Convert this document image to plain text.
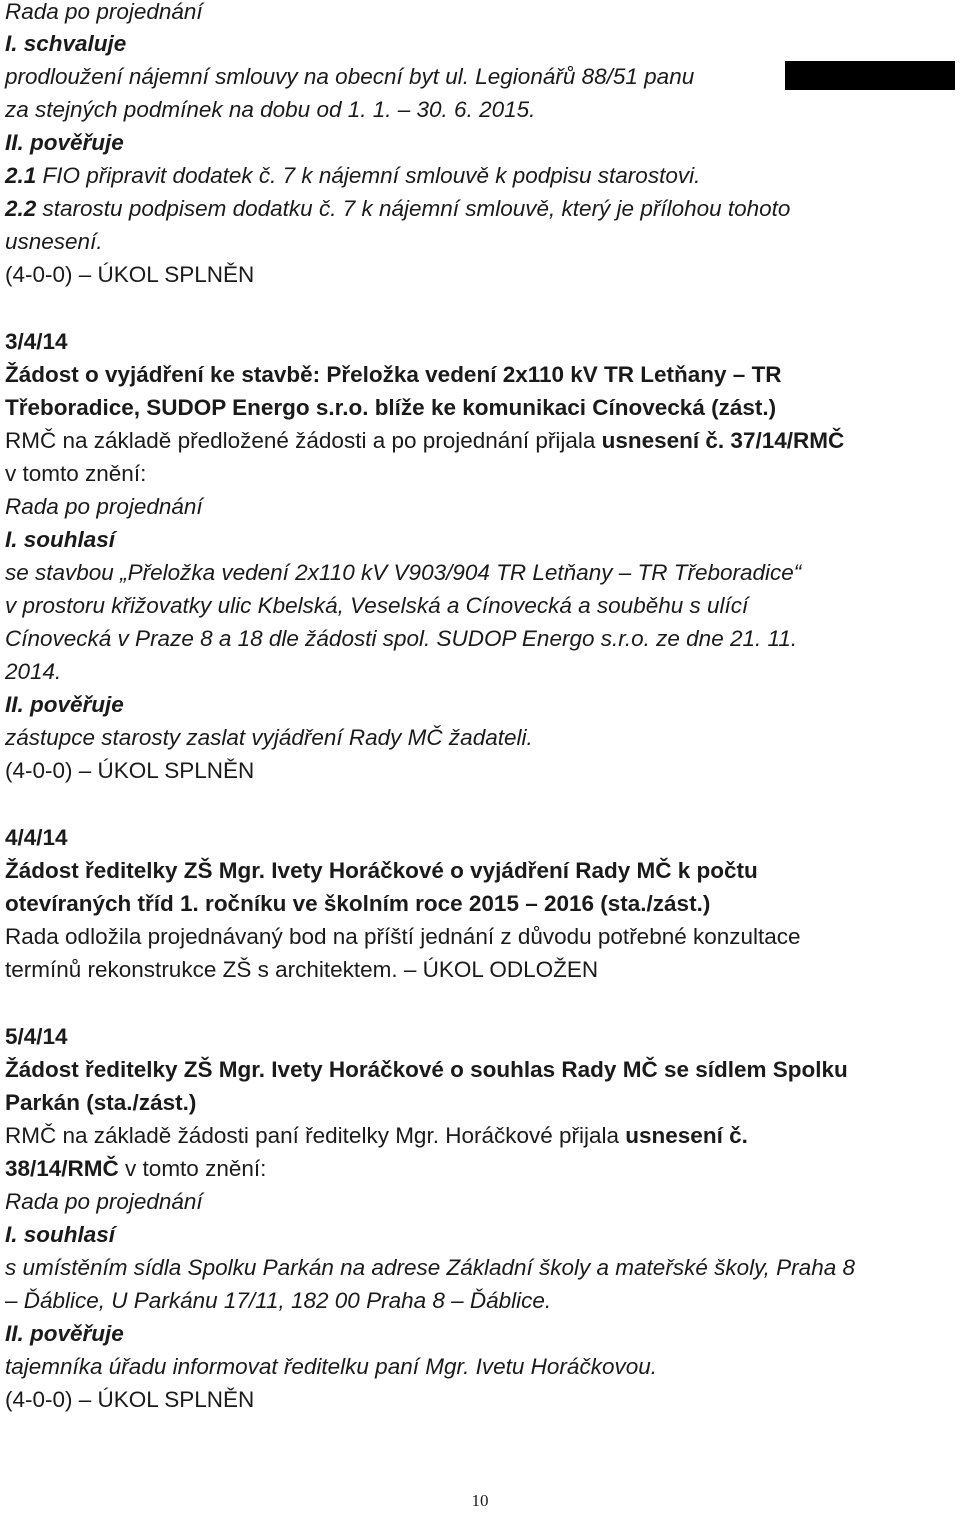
Rada po projednání
I. schvaluje
prodloužení nájemní smlouvy na obecní byt ul. Legionářů 88/51 panu
za stejných podmínek na dobu od 1. 1. – 30. 6. 2015.
II. pověřuje
2.1 FIO připravit dodatek č. 7 k nájemní smlouvě k podpisu starostovi.
2.2 starostu podpisem dodatku č. 7 k nájemní smlouvě, který je přílohou tohoto
usnesení.
(4-0-0) – ÚKOL SPLNĚN
3/4/14
Žádost o vyjádření ke stavbě: Přeložka vedení 2x110 kV TR Letňany – TR
Třeboradice, SUDOP Energo s.r.o. blíže ke komunikaci Cínovecká (zást.)
RMČ na základě předložené žádosti a po projednání přijala usnesení č. 37/14/RMČ
v tomto znění:
Rada po projednání
I. souhlasí
se stavbou „Přeložka vedení 2x110 kV V903/904 TR Letňany – TR Třeboradice“
v prostoru křižovatky ulic Kbelská, Veselská a Cínovecká a souběhu s ulící
Cínovecká v Praze 8 a 18 dle žádosti spol. SUDOP Energo s.r.o. ze dne 21. 11.
2014.
II. pověřuje
zástupce starosty zaslat vyjádření Rady MČ žadateli.
(4-0-0) – ÚKOL SPLNĚN
4/4/14
Žádost ředitelky ZŠ Mgr. Ivety Horáčkové o vyjádření Rady MČ k počtu
otevíraných tříd 1. ročníku ve školním roce 2015 – 2016 (sta./zást.)
Rada odložila projednávaný bod na příští jednání z důvodu potřebné konzultace
termínů rekonstrukce ZŠ s architektem. – ÚKOL ODLOŽEN
5/4/14
Žádost ředitelky ZŠ Mgr. Ivety Horáčkové o souhlas Rady MČ se sídlem Spolku
Parkán (sta./zást.)
RMČ na základě žádosti paní ředitelky Mgr. Horáčkové přijala usnesení č.
38/14/RMČ v tomto znění:
Rada po projednání
I. souhlasí
s umístěním sídla Spolku Parkán na adrese Základní školy a mateřské školy, Praha 8
– Ďáblice, U Parkánu 17/11, 182 00 Praha 8 – Ďáblice.
II. pověřuje
tajemníka úřadu informovat ředitelku paní Mgr. Ivetu Horáčkovou.
(4-0-0) – ÚKOL SPLNĚN
10
